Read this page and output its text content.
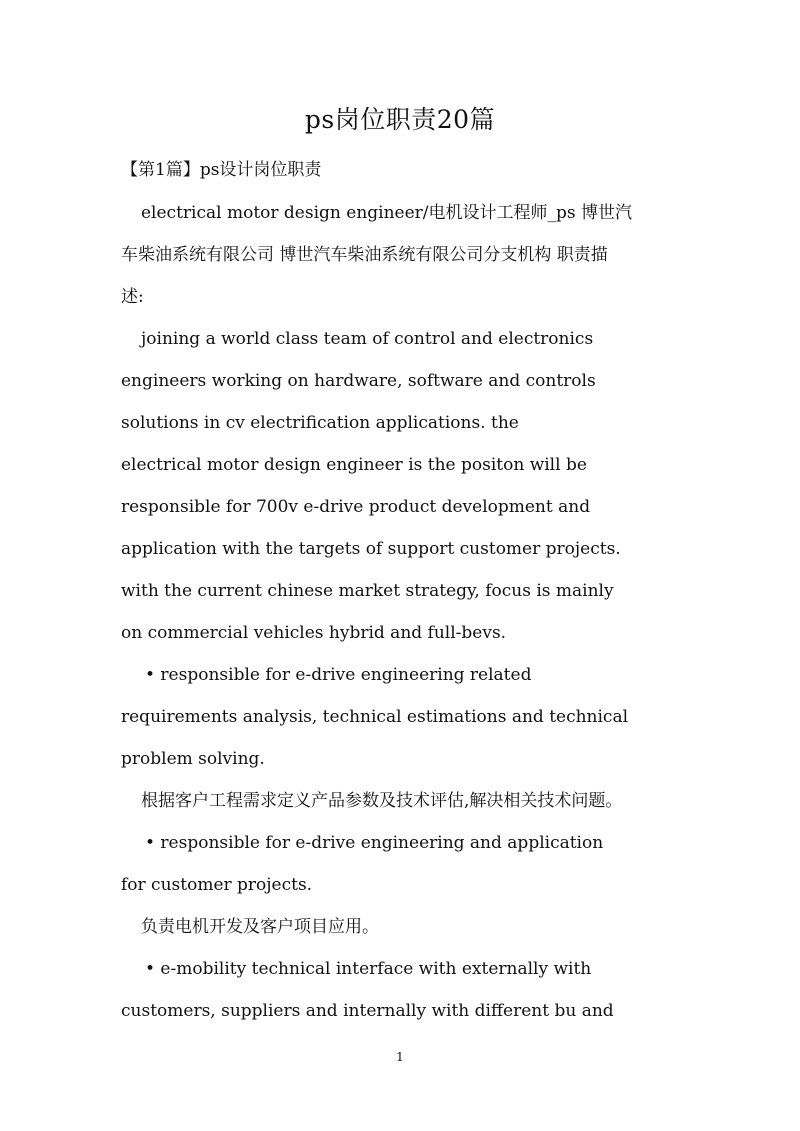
ps岗位职责20篇

【第1篇】ps设计岗位职责

electrical motor design engineer/电机设计工程师_ps 博世汽

车柴油系统有限公司 博世汽车柴油系统有限公司分支机构 职责描

述:

joining a world class team of control and electronics

engineers working on hardware, software and controls

solutions in cv electrification applications. the

electrical motor design engineer is the positon will be

responsible for 700v e-drive product development and

application with the targets of support customer projects.

with the current chinese market strategy, focus is mainly

on commercial vehicles hybrid and full-bevs.

• responsible for e-drive engineering related

requirements analysis, technical estimations and technical

problem solving.

根据客户工程需求定义产品参数及技术评估,解决相关技术问题。

• responsible for e-drive engineering and application

for customer projects.

负责电机开发及客户项目应用。

• e-mobility technical interface with externally with

customers, suppliers and internally with different bu and

1
